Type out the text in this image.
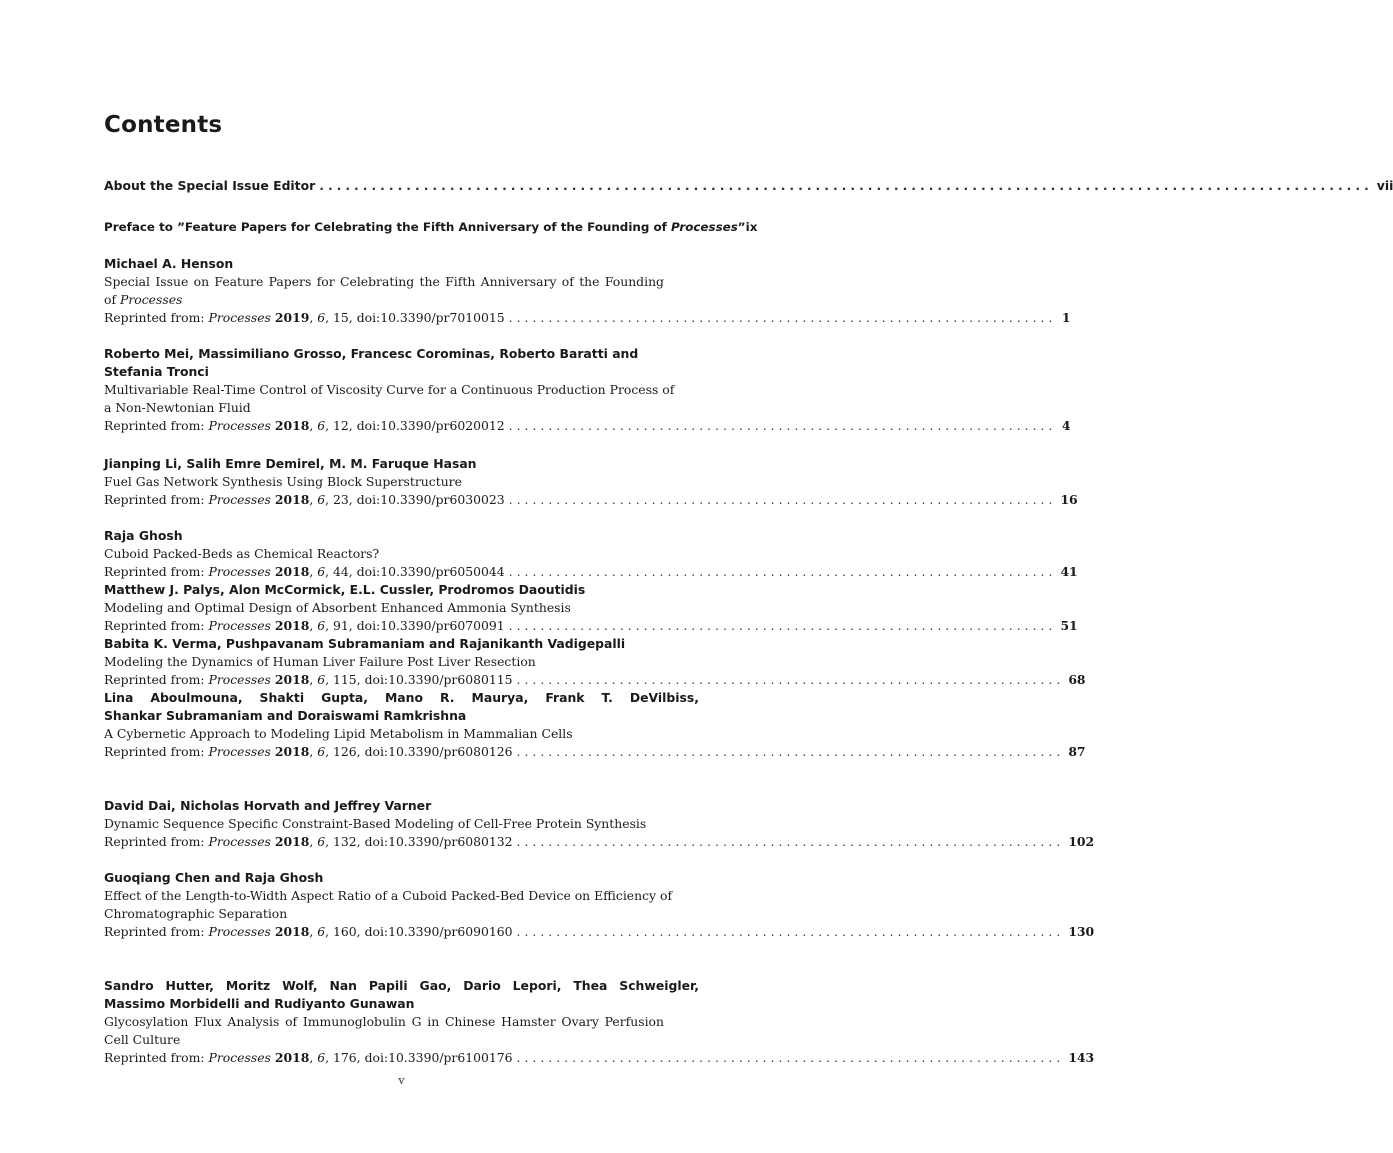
Contents
About the Special Issue Editor ......................................................................................................................... vii
Preface to ”Feature Papers for Celebrating the Fifth Anniversary of the Founding of Processes” ix
Michael A. Henson
Special Issue on Feature Papers for Celebrating the Fifth Anniversary of the Founding
of Processes
Reprinted from: Processes 2019, 6, 15, doi:10.3390/pr7010015 ..................................................................... 1
Roberto Mei, Massimiliano Grosso, Francesc Corominas, Roberto Baratti and Stefania Tronci
Multivariable Real-Time Control of Viscosity Curve for a Continuous Production Process of
a Non-Newtonian Fluid
Reprinted from: Processes 2018, 6, 12, doi:10.3390/pr6020012 ..................................................................... 4
Jianping Li, Salih Emre Demirel, M. M. Faruque Hasan
Fuel Gas Network Synthesis Using Block Superstructure
Reprinted from: Processes 2018, 6, 23, doi:10.3390/pr6030023 ..................................................................... 16
Raja Ghosh
Cuboid Packed-Beds as Chemical Reactors?
Reprinted from: Processes 2018, 6, 44, doi:10.3390/pr6050044 ..................................................................... 41
Matthew J. Palys, Alon McCormick, E.L. Cussler, Prodromos Daoutidis
Modeling and Optimal Design of Absorbent Enhanced Ammonia Synthesis
Reprinted from: Processes 2018, 6, 91, doi:10.3390/pr6070091 ..................................................................... 51
Babita K. Verma, Pushpavanam Subramaniam and Rajanikanth Vadigepalli
Modeling the Dynamics of Human Liver Failure Post Liver Resection
Reprinted from: Processes 2018, 6, 115, doi:10.3390/pr6080115 ..................................................................... 68
Lina Aboulmouna, Shakti Gupta, Mano R. Maurya, Frank T. DeVilbiss,
Shankar Subramaniam and Doraiswami Ramkrishna
A Cybernetic Approach to Modeling Lipid Metabolism in Mammalian Cells
Reprinted from: Processes 2018, 6, 126, doi:10.3390/pr6080126 ..................................................................... 87
David Dai, Nicholas Horvath and Jeffrey Varner
Dynamic Sequence Specific Constraint-Based Modeling of Cell-Free Protein Synthesis
Reprinted from: Processes 2018, 6, 132, doi:10.3390/pr6080132 ..................................................................... 102
Guoqiang Chen and Raja Ghosh
Effect of the Length-to-Width Aspect Ratio of a Cuboid Packed-Bed Device on Efficiency of
Chromatographic Separation
Reprinted from: Processes 2018, 6, 160, doi:10.3390/pr6090160 ..................................................................... 130
Sandro Hutter, Moritz Wolf, Nan Papili Gao, Dario Lepori, Thea Schweigler,
Massimo Morbidelli and Rudiyanto Gunawan
Glycosylation Flux Analysis of Immunoglobulin G in Chinese Hamster Ovary Perfusion
Cell Culture
Reprinted from: Processes 2018, 6, 176, doi:10.3390/pr6100176 ..................................................................... 143
v
